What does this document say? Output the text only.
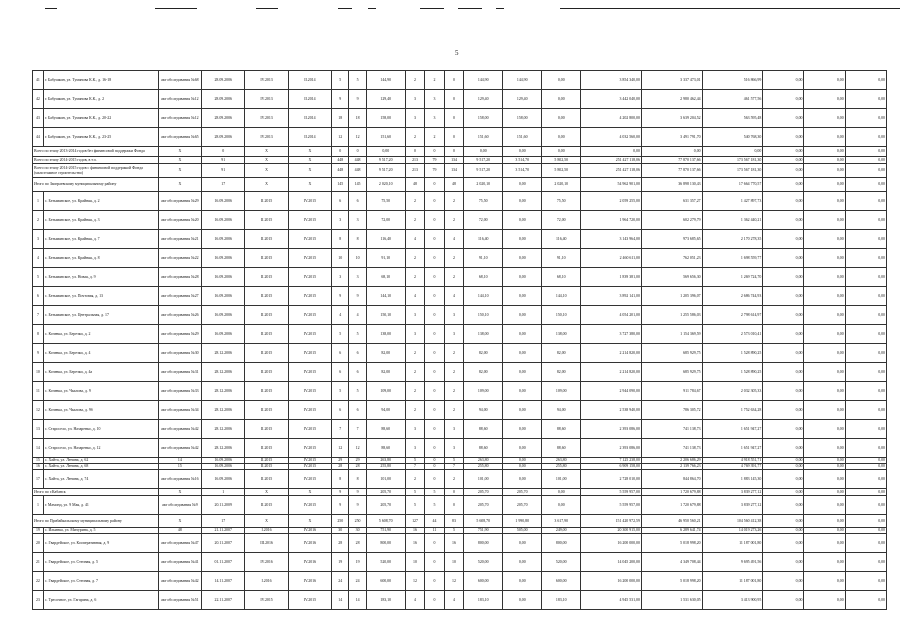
5
41	г. Бабушкин, ул. Туманова К.К., д. 16-18	акт обследования №68	28.09.2006	IV.2013	II.2014	5	5	144,90	2	2	0	144,90	144,90	0,00	3 854 340,00	3 337 473,01	516 866,99	0,00	0,00	0,00
42	г. Бабушкин, ул. Туманова К.К., д. 2	акт обследования №12	28.09.2006	IV.2013	II.2014	9	9	129,40	3	3	0	129,40	129,40	0,00	3 442 040,00	2 980 462,44	461 577,56	0,00	0,00	0,00
43	г. Бабушкин, ул. Туманова К.К., д. 20-22	акт обследования №12	28.09.2006	IV.2013	II.2014	18	18	158,00	3	3	0	158,00	158,00	0,00	4 202 800,00	3 639 204,52	563 595,48	0,00	0,00	0,00
44	г. Бабушкин, ул. Туманова К.К., д. 23-25	акт обследования №65	28.09.2006	IV.2013	II.2014	12	12	151,60	2	2	0	151,60	151,60	0,00	4 032 560,00	3 491 791,70	540 768,30	0,00	0,00	0,00
Всего по этапу 2013-2014 годов без финансовой поддержки Фонда		X	0	X	X	0	0	0,00	0	0	0	0,00	0,00	0,00	0,00	0,00	0,00	0,00	0,00	0,00
Всего по этапу 2014-2015 годов, в т.ч.		X	91	X	X	448	448	9 517,20	213	79	134	9 517,20	3 514,70	5 802,50	251 427 118,06	77 870 137,66	173 567 181,30	0,00	0,00	0,00
Всего по этапу 2014-2015 годов с финансовой поддержкой Фонда (малоэтажное строительство)		X	91	X	X	448	448	9 517,20	213	79	134	9 517,20	3 514,70	5 802,50	251 427 118,06	77 870 137,66	173 567 181,30	0,00	0,00	0,00
Итого по Заиграевскому муниципальному району		X	17	X	X	145	145	2 020,10	48	0	48	2 020,10	0,00	2 020,10	54 962 901,00	36 898 130,43	17 664 770,57	0,00	0,00	0,00
1	с. Безымянское, ул. Крайняя, д. 2	акт обследования №29	16.09.2006	II.2015	IV.2015	6	6	75,50	2	0	2	75,50	0,00	75,50	2 059 255,00	631 357,27	1 427 897,73	0,00	0,00	0,00
2	с. Безымянское, ул. Крайняя, д. 3	акт обследования №20	16.09.2006	II.2015	IV.2015	3	3	72,00	2	0	2	72,00	0,00	72,00	1 964 720,00	602 279,79	1 362 440,21	0,00	0,00	0,00
3	с. Безымянское, ул. Крайняя, д. 7	акт обследования №21	16.09.2006	II.2015	IV.2015	8	8	116,40	4	0	4	116,40	0,00	116,40	3 143 964,00	973 685,65	2 170 278,35	0,00	0,00	0,00
4	с. Безымянское, ул. Крайняя, д. 8	акт обследования №22	16.09.2006	II.2015	IV.2015	10	10	91,10	2	0	2	91,10	0,00	91,10	2 460 611,00	762 051,23	1 698 559,77	0,00	0,00	0,00
5	с. Безымянское, ул. Новая, д. 9	акт обследования №28	16.09.2006	II.2015	IV.2015	3	3	68,10	2	0	2	68,10	0,00	68,10	1 839 381,00	569 656,30	1 269 724,70	0,00	0,00	0,00
6	с. Безымянское, ул. Почтовая, д. 13	акт обследования №27	16.09.2006	II.2015	IV.2015	9	9	144,10	4	0	4	144,10	0,00	144,10	3 892 141,00	1 205 396,07	2 686 744,93	0,00	0,00	0,00
7	с. Безымянское, ул. Центральная, д. 17	акт обследования №26	16.09.2006	II.2015	IV.2015	4	4	150,10	3	0	3	150,10	0,00	150,10	4 054 201,00	1 255 586,03	2 798 614,97	0,00	0,00	0,00
8	с. Кочевка, ул. Березки, д. 2	акт обследования №29	16.09.2006	II.2015	IV.2015	5	5	138,00	3	0	3	138,00	0,00	138,00	3 727 380,00	1 154 369,59	2 573 010,41	0,00	0,00	0,00
9	с. Кочевка, ул. Березки, д. 4	акт обследования №30	28.12.2006	II.2015	IV.2015	6	6	82,00	2	0	2	82,00	0,00	82,00	2 214 820,00	685 929,75	1 528 890,25	0,00	0,00	0,00
10	с. Кочевка, ул. Березки, д. 4а	акт обследования №31	28.12.2006	II.2015	IV.2015	6	6	82,00	2	0	2	82,00	0,00	82,00	2 214 820,00	685 929,75	1 528 890,25	0,00	0,00	0,00
11	с. Кочевка, ул. Чкалова, д. 9	акт обследования №33	28.12.2006	II.2015	IV.2015	5	5	109,00	2	0	2	109,00	0,00	109,00	2 944 090,00	911 784,67	2 032 305,33	0,00	0,00	0,00
12	с. Кочевка, ул. Чкалова, д. 9б	акт обследования №34	28.12.2006	II.2015	IV.2015	6	6	94,00	2	0	2	94,00	0,00	94,00	2 538 940,00	786 305,72	1 752 634,28	0,00	0,00	0,00
13	с. Старосело, ул. Назаренко, д. 10	акт обследования №42	28.12.2006	II.2015	IV.2015	7	7	88,60	3	0	3	88,60	0,00	88,60	2 393 086,00	741 138,73	1 651 947,27	0,00	0,00	0,00
14	с. Старосело, ул. Назаренко, д. 12	акт обследования №42	28.12.2006	II.2015	IV.2015	12	12	88,60	3	0	3	88,60	0,00	88,60	2 393 086,00	741 138,73	1 651 947,27	0,00	0,00	0,00
15	с. Хайта, ул. Ленина, д. 62	14	16.09.2006	II.2015	IV.2015	29	29	263,80	5	0	5	263,80	0,00	263,80	7 125 238,00	2 206 686,29	4 918 551,71	0,00	0,00	0,00
16	с. Хайта, ул. Ленина, д. 68	15	16.09.2006	II.2015	IV.2015	28	28	255,80	7	0	7	255,80	0,00	255,80	6 909 158,00	2 139 766,23	4 769 391,77	0,00	0,00	0,00
17	с. Хайта, ул. Ленина, д. 74	акт обследования №16	16.09.2006	II.2015	IV.2015	8	8	101,00	2	0	2	101,00	0,00	101,00	2 728 010,00	844 864,70	1 883 145,30	0,00	0,00	0,00
Итого по г.Кабанск		X	1	X	X	9	9	205,70	5	5	0	205,70	205,70	0,00	5 559 957,00	1 720 679,88	3 839 277,12	0,00	0,00	0,00
1	г. Мамонд, ул. 9 Мая, д. 41	акт обследования №9	20.11.2009	II.2015	IV.2015	9	9	205,70	5	5	0	205,70	205,70	0,00	5 559 957,00	1 720 679,88	3 839 277,12	0,00	0,00	0,00
Итого по Прибайкальскому муниципальному району		X	17	X	X	250	250	5 608,70	127	44	83	5 608,70	1 990,80	3 617,90	151 420 972,59	46 950 560,21	104 560 412,38	0,00	0,00	0,00
19	с. Ильинка, ул. Мичурина, д. 5	48	21.11.2007	I.2016	IV.2016	30	30	751,90	16	11	5	751,90	505,00	249,00	20 300 915,00	6 289 641,74	14 019 273,26	0,00	0,00	0,00
20	с. Гвардейское, ул. Кооперативная, д. 9	акт обследования №47	20.11.2007	III.2016	IV.2016	28	28	800,00	16	0	16	800,00	0,00	800,00	16 200 000,00	5 018 998,20	11 187 001,80	0,00	0,00	0,00
21	с. Гвардейское, ул. Степная, д. 5	акт обследования №41	01.11.2007	IV.2016	IV.2016	19	19	520,00	10	0	10	520,00	0,00	520,00	14 045 200,00	4 349 708,44	9 695 491,56	0,00	0,00	0,00
22	с. Гвардейское, ул. Степная, д. 7	акт обследования №42	14.11.2007	I.2016	IV.2016	24	24	600,00	12	0	12	600,00	0,00	600,00	16 200 000,00	5 018 998,20	11 187 001,80	0,00	0,00	0,00
23	с. Тресочное, ул. Гагарина, д. 6	акт обследования №51	22.11.2007	IV.2015	IV.2015	14	14	183,10	4	0	4	183,10	0,00	183,10	4 945 531,00	1 531 630,05	3 413 900,95	0,00	0,00	0,00
